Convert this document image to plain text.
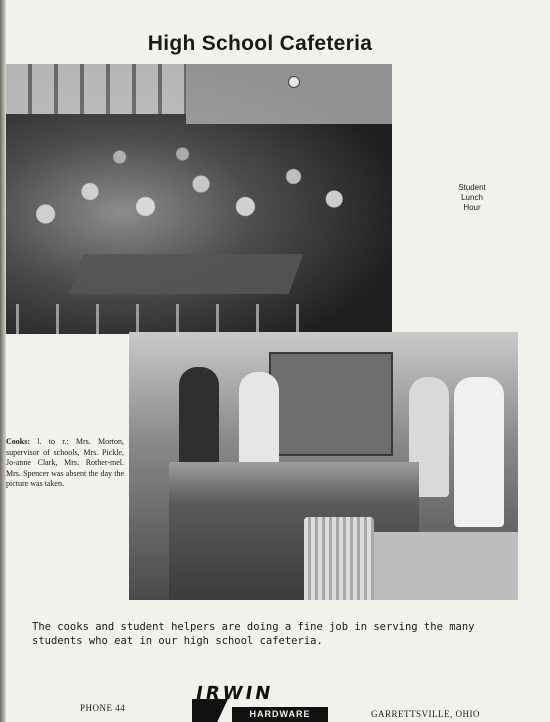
High School Cafeteria
Student
Lunch
Hour
Cooks: l. to r.: Mrs. Morton, supervisor of schools, Mrs. Pickle, Jo-anne Clark, Mrs. Rother-mel. Mrs. Spencer was absent the day the picture was taken.

The cooks and student helpers are doing a fine job in serving the many
students who eat in our high school cafeteria.

PHONE 44
IRWIN
HARDWARE	GARRETTSVILLE, OHIO
